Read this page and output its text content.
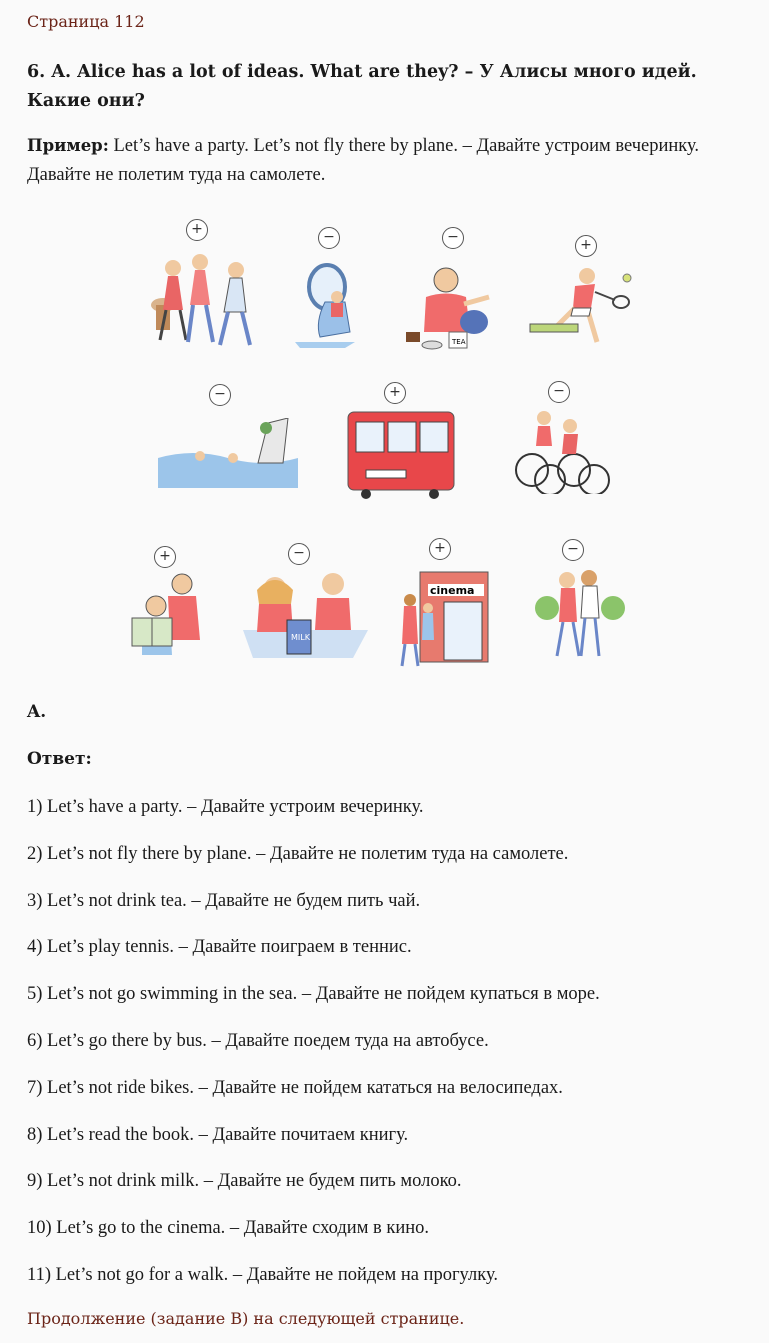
Страница 112
6. A. Alice has a lot of ideas. What are they? – У Алисы много идей. Какие они?
Пример: Let’s have a party. Let’s not fly there by plane. – Давайте устроим вечеринку. Давайте не полетим туда на самолете.
+	−	−
TEA
+
−	+	−
+	−
MILK
+
cinema
−
A.
Ответ:
1) Let’s have a party. – Давайте устроим вечеринку.
2) Let’s not fly there by plane. – Давайте не полетим туда на самолете.
3) Let’s not drink tea. – Давайте не будем пить чай.
4) Let’s play tennis. – Давайте поиграем в теннис.
5) Let’s not go swimming in the sea. – Давайте не пойдем купаться в море.
6) Let’s go there by bus. – Давайте поедем туда на автобусе.
7) Let’s not ride bikes. – Давайте не пойдем кататься на велосипедах.
8) Let’s read the book. – Давайте почитаем книгу.
9) Let’s not drink milk. – Давайте не будем пить молоко.
10) Let’s go to the cinema. – Давайте сходим в кино.
11) Let’s not go for a walk. – Давайте не пойдем на прогулку.
Продолжение (задание B) на следующей странице.
